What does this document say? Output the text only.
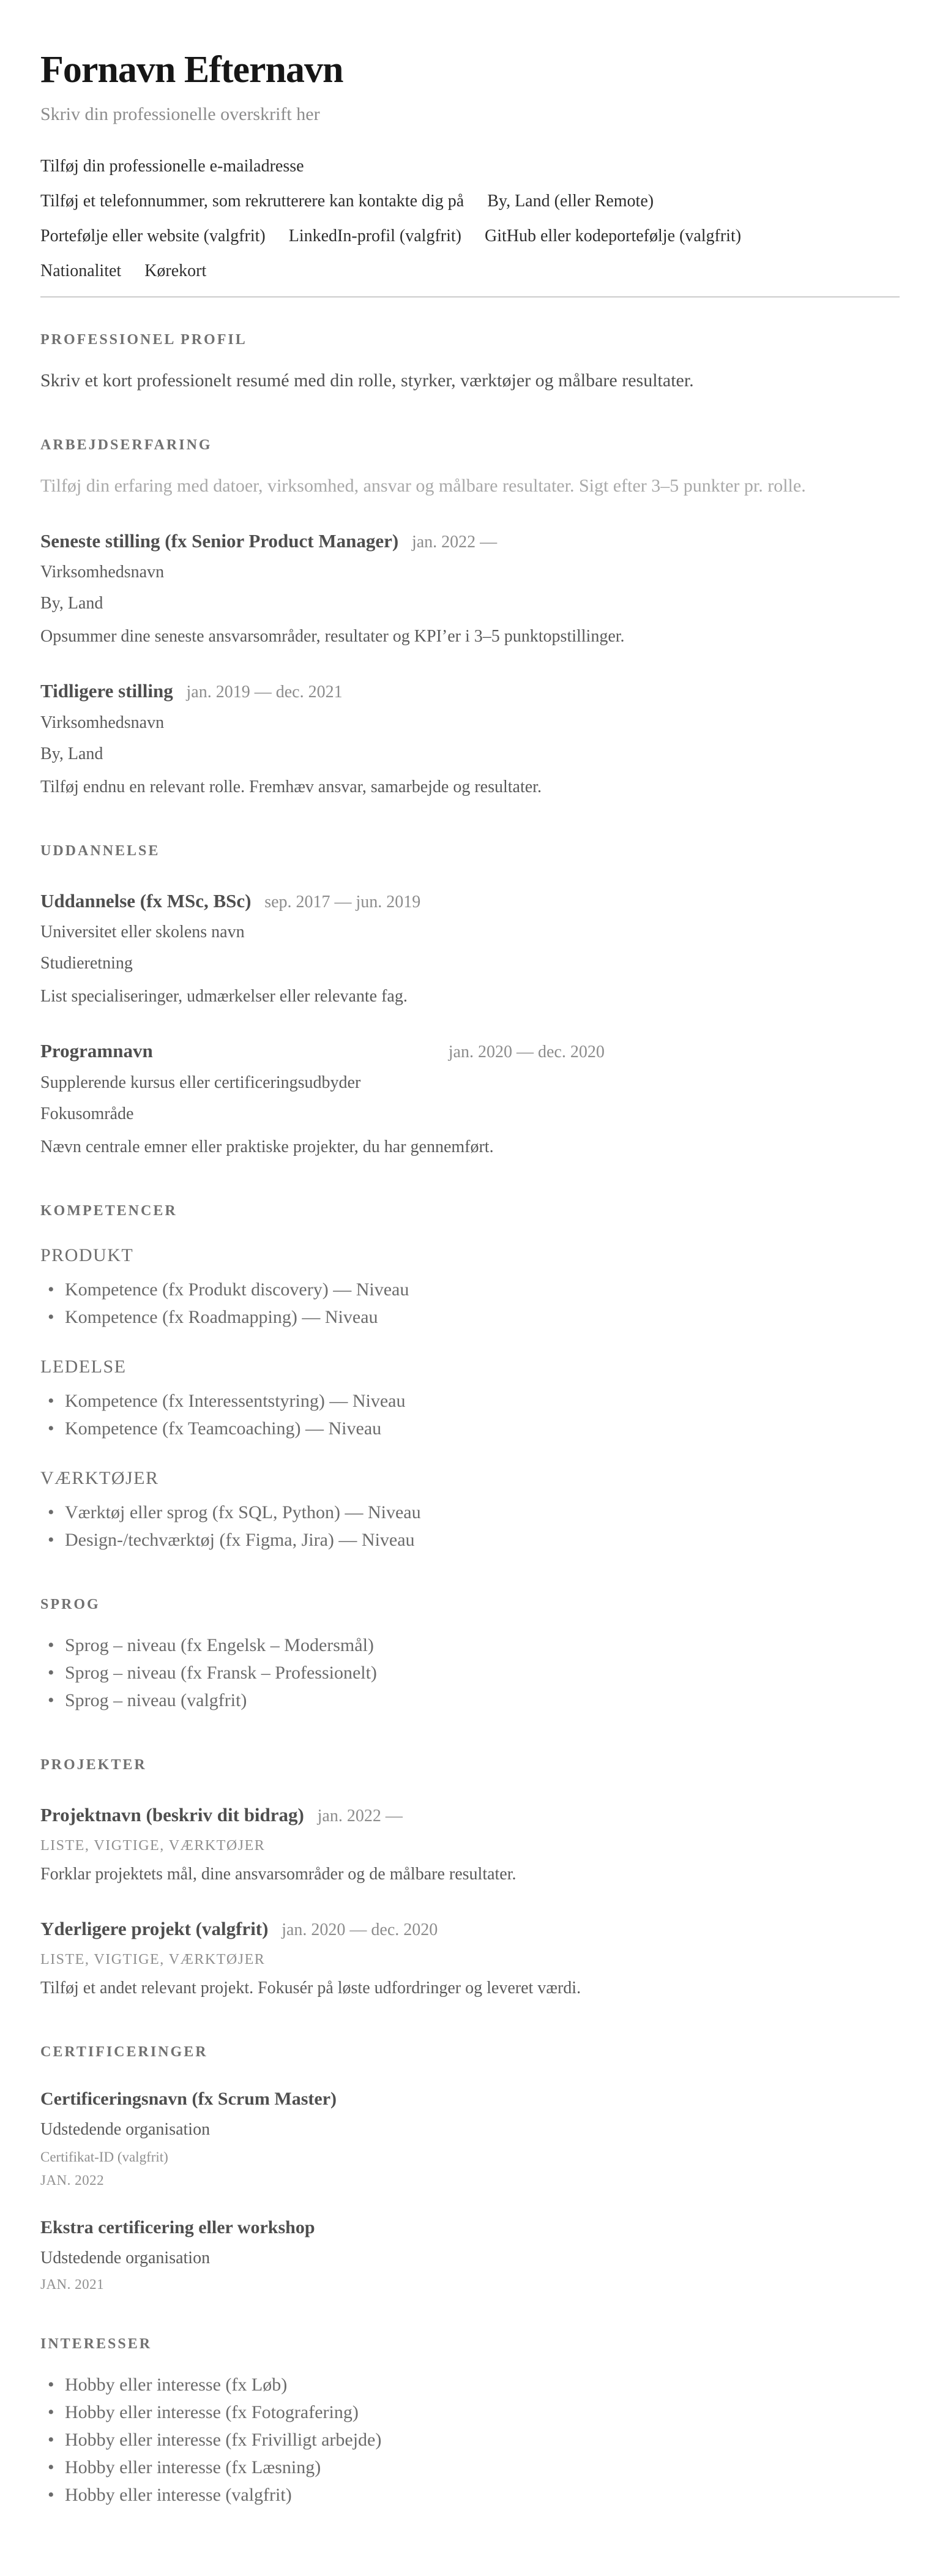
Fornavn Efternavn
Skriv din professionelle overskrift her
Tilføj din professionelle e-mailadresse
Tilføj et telefonnummer, som rekrutterere kan kontakte dig på By, Land (eller Remote)
Portefølje eller website (valgfrit) LinkedIn-profil (valgfrit) GitHub eller kodeportefølje (valgfrit)
Nationalitet Kørekort
PROFESSIONEL PROFIL

Skriv et kort professionelt resumé med din rolle, styrker, værktøjer og målbare resultater.

ARBEJDSERFARING

Tilføj din erfaring med datoer, virksomhed, ansvar og målbare resultater. Sigt efter 3–5 punkter pr. rolle.

Seneste stilling (fx Senior Product Manager) jan. 2022 —

Virksomhedsnavn

By, Land

Opsummer dine seneste ansvarsområder, resultater og KPI’er i 3–5 punktopstillinger.

Tidligere stilling jan. 2019 — dec. 2021

Virksomhedsnavn

By, Land

Tilføj endnu en relevant rolle. Fremhæv ansvar, samarbejde og resultater.

UDDANNELSE
Uddannelse (fx MSc, BSc) sep. 2017 — jun. 2019

Universitet eller skolens navn

Studieretning

List specialiseringer, udmærkelser eller relevante fag.

Programnavn	jan. 2020 — dec. 2020

Supplerende kursus eller certificeringsudbyder

Fokusområde

Nævn centrale emner eller praktiske projekter, du har gennemført.

KOMPETENCER
PRODUKT
• Kompetence (fx Produkt discovery) — Niveau
• Kompetence (fx Roadmapping) — Niveau
LEDELSE
• Kompetence (fx Interessentstyring) — Niveau
• Kompetence (fx Teamcoaching) — Niveau
VÆRKTØJER
• Værktøj eller sprog (fx SQL, Python) — Niveau
• Design-/techværktøj (fx Figma, Jira) — Niveau
SPROG
• Sprog – niveau (fx Engelsk – Modersmål)
• Sprog – niveau (fx Fransk – Professionelt)
• Sprog – niveau (valgfrit)
PROJEKTER
Projektnavn (beskriv dit bidrag) jan. 2022 —

LISTE, VIGTIGE, VÆRKTØJER

Forklar projektets mål, dine ansvarsområder og de målbare resultater.

Yderligere projekt (valgfrit) jan. 2020 — dec. 2020

LISTE, VIGTIGE, VÆRKTØJER

Tilføj et andet relevant projekt. Fokusér på løste udfordringer og leveret værdi.

CERTIFICERINGER

Certificeringsnavn (fx Scrum Master)

Udstedende organisation

Certifikat-ID (valgfrit)

JAN. 2022

Ekstra certificering eller workshop

Udstedende organisation

JAN. 2021

INTERESSER
• Hobby eller interesse (fx Løb)
• Hobby eller interesse (fx Fotografering)
• Hobby eller interesse (fx Frivilligt arbejde)
• Hobby eller interesse (fx Læsning)
• Hobby eller interesse (valgfrit)
